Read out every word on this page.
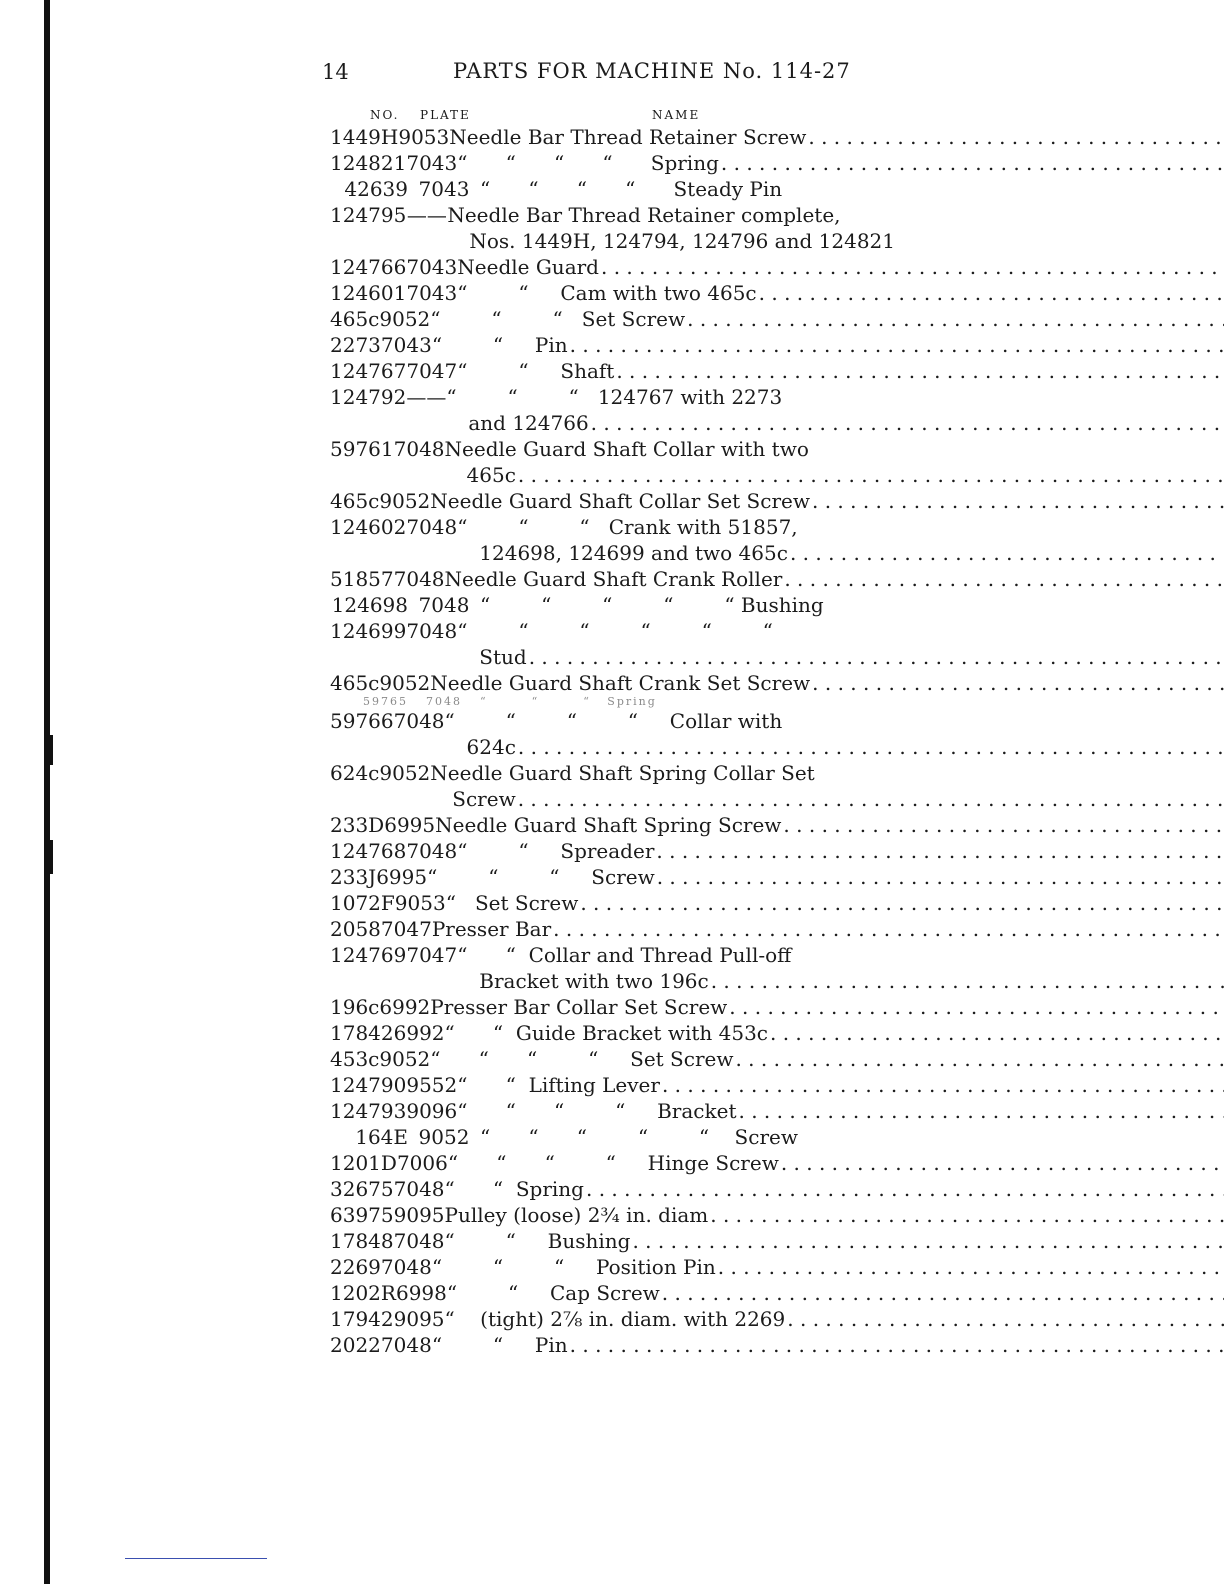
14	PARTS FOR MACHINE No. 114-27
NO. PLATE	NAME
1449H 9053 Needle Bar Thread Retainer Screw
. . .
124821 7043 “      “      “      “      Spring
. . .
42639 7043 “      “      “      “      Steady Pin
124795 —— Needle Bar Thread Retainer complete,
Nos. 1449H, 124794, 124796 and 124821
124766 7043 Needle Guard
. . .
124601 7043 “        “     Cam with two 465c
. . .
465c 9052 “        “        “   Set Screw
. . .
2273 7043 “        “     Pin
. . .
124767 7047 “        “     Shaft
. . .
124792 —— “        “        “   124767 with 2273
and 124766
. . .
59761 7048 Needle Guard Shaft Collar with two
465c
. . .
465c 9052 Needle Guard Shaft Collar Set Screw
. . .
124602 7048 “        “        “   Crank with 51857,
124698, 124699 and two 465c
. . .
51857 7048 Needle Guard Shaft Crank Roller
. . .
124698 7048 “        “        “        “        “ Bushing
124699 7048 “        “        “        “        “        “
Stud
. . .
465c 9052 Needle Guard Shaft Crank Set Screw
. . .
59765	7048	“        “        “   Spring
59766 7048 “        “        “        “     Collar with
624c
. . .
624c 9052 Needle Guard Shaft Spring Collar Set
Screw
. . .
233D 6995 Needle Guard Shaft Spring Screw
. . .
124768 7048 “        “     Spreader
. . .
233J 6995 “        “        “     Screw
. . .
1072F 9053 “   Set Screw
. . .
2058 7047 Presser Bar
. . .
124769 7047 “      “  Collar and Thread Pull-off
Bracket with two 196c
. . .
196c 6992 Presser Bar Collar Set Screw
. . .
17842 6992 “      “  Guide Bracket with 453c
. . .
453c 9052 “      “      “        “     Set Screw
. . .
124790 9552 “      “  Lifting Lever
. . .
124793 9096 “      “      “        “     Bracket
. . .
164E 9052 “      “      “        “        “    Screw
1201D 7006 “      “      “        “     Hinge Screw
. . .
32675 7048 “      “  Spring
. . .
63975 9095 Pulley (loose) 2¾ in. diam
. . .
17848 7048 “        “     Bushing
. . .
2269 7048 “        “        “     Position Pin
. . .
1202R 6998 “        “     Cap Screw
. . .
17942 9095 “    (tight) 2⅞ in. diam. with 2269
. . .
2022 7048 “        “     Pin
. . .
